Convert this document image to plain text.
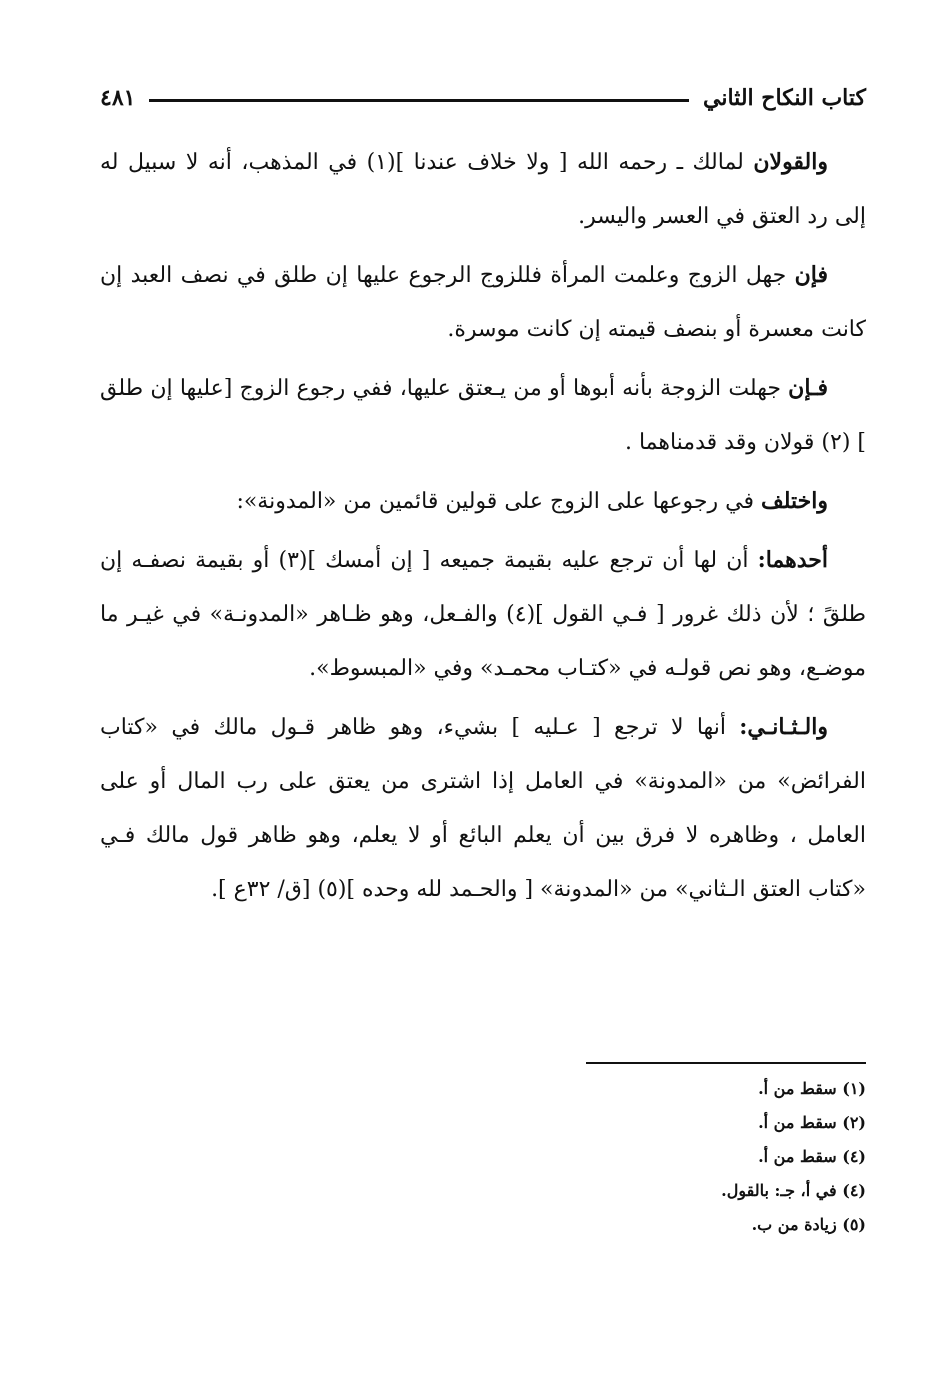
كتاب النكاح الثاني
٤٨١

والقولان لمالك ـ رحمه الله [ ولا خلاف عندنا ](١) في المذهب، أنه لا سبيل له إلى رد العتق في العسر واليسر.

فإن جهل الزوج وعلمت المرأة فللزوج الرجوع عليها إن طلق في نصف العبد إن كانت معسرة أو بنصف قيمته إن كانت موسرة.

فـإن جهلت الزوجة بأنه أبوها أو من يـعتق عليها، ففي رجوع الزوج [عليها إن طلق ] (٢) قولان وقد قدمناهما .

واختلف في رجوعها على الزوج على قولين قائمين من «المدونة»:

أحدهما: أن لها أن ترجع عليه بقيمة جميعه [ إن أمسك ](٣) أو بقيمة نصفـه إن طلقً ؛ لأن ذلك غرور [ فـي القول ](٤) والفـعل، وهو ظـاهر «المدونـة» في غيـر ما موضـع، وهو نص قولـه في «كتـاب محمـد» وفي «المبسوط».

والـثـانـي: أنها لا ترجع [ عـليه ] بشيء، وهو ظاهر قـول مالك في «كتاب الفرائض» من «المدونة» في العامل إذا اشترى من يعتق على رب المال أو على العامل ، وظاهره لا فرق بين أن يعلم البائع أو لا يعلم، وهو ظاهر قول مالك فـي «كتاب العتق الـثاني» من «المدونة» [ والحـمد لله وحده ](٥) [ق/ ٣٢ع ].

(١) سقط من أ.
(٢) سقط من أ.
(٤) سقط من أ.
(٤) في أ، جـ: بالقول.
(٥) زيادة من ب.
